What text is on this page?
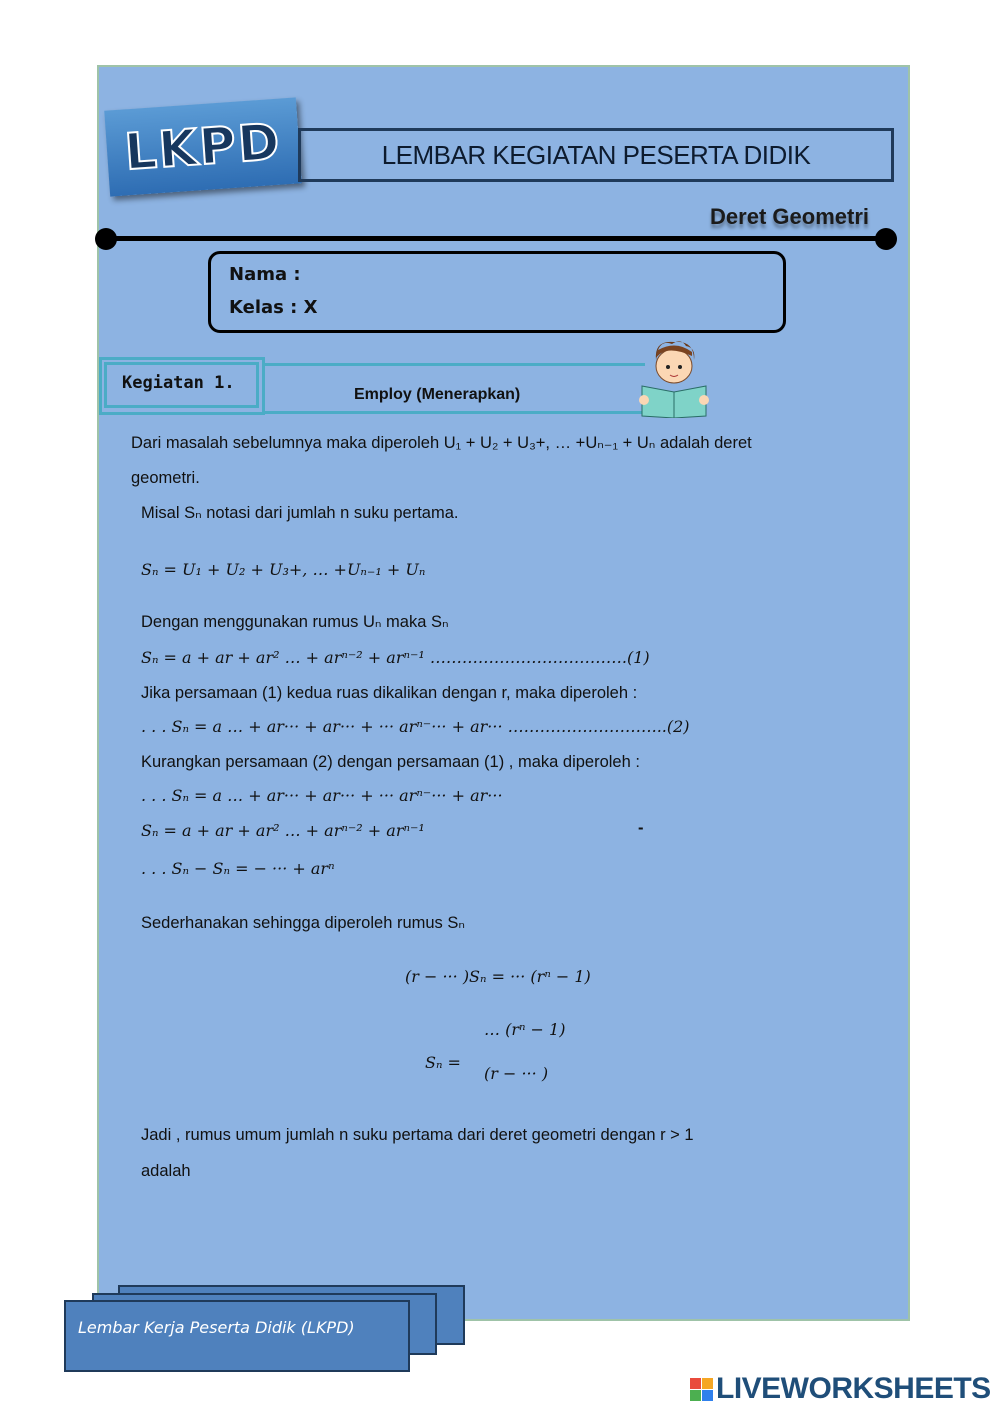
LKPD	LEMBAR KEGIATAN PESERTA DIDIK
Deret Geometri
Nama :
Kelas : X
Kegiatan 1.
Employ (Menerapkan)
Dari masalah sebelumnya maka diperoleh U₁ + U₂ + U₃+, … +Uₙ₋₁ + Uₙ adalah deret
geometri.
Misal Sₙ notasi dari jumlah n suku pertama.
Sₙ = U₁ + U₂ + U₃+, … +Uₙ₋₁ + Uₙ
Dengan menggunakan rumus Uₙ maka Sₙ
Sₙ = a + ar + ar² … + arⁿ⁻² + arⁿ⁻¹ ……………………………….(1)
Jika persamaan (1) kedua ruas dikalikan dengan r, maka diperoleh :
. . . Sₙ = a … + ar··· + ar··· + ··· arⁿ⁻··· + ar··· ………………………...(2)
Kurangkan persamaan (2) dengan persamaan (1) , maka diperoleh :
. . . Sₙ = a … + ar··· + ar··· + ··· arⁿ⁻··· + ar···
Sₙ = a + ar + ar² … + arⁿ⁻² + arⁿ⁻¹	-
. . . Sₙ − Sₙ = − ··· + arⁿ
Sederhanakan sehingga diperoleh rumus Sₙ
(r − ··· )Sₙ = ··· (rⁿ − 1)
… (rⁿ − 1)
Sₙ =
(r − ··· )
Jadi , rumus umum jumlah n suku pertama dari deret geometri dengan r > 1
adalah
Lembar Kerja Peserta Didik (LKPD)
LIVEWORKSHEETS
